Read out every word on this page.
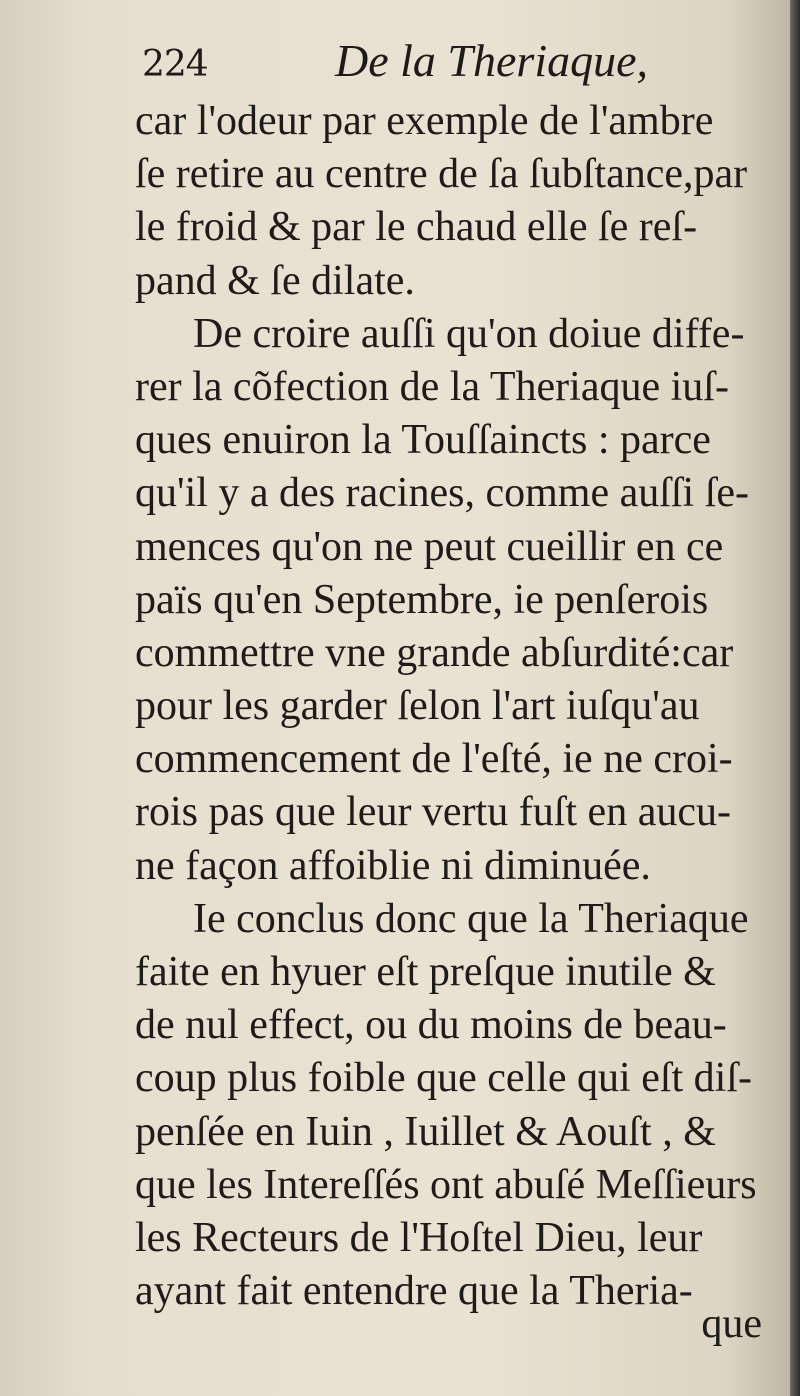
224	De la Theriaque,
car l'odeur par exemple de l'ambre
ſe retire au centre de ſa ſubſtance,par
le froid & par le chaud elle ſe reſ-
pand & ſe dilate.
De croire auſſi qu'on doiue diffe-
rer la cõfection de la Theriaque iuſ-
ques enuiron la Touſſaincts : parce
qu'il y a des racines, comme auſſi ſe-
mences qu'on ne peut cueillir en ce
païs qu'en Septembre, ie penſerois
commettre vne grande abſurdité:car
pour les garder ſelon l'art iuſqu'au
commencement de l'eſté, ie ne croi-
rois pas que leur vertu fuſt en aucu-
ne façon affoiblie ni diminuée.
Ie conclus donc que la Theriaque
faite en hyuer eſt preſque inutile &
de nul effect, ou du moins de beau-
coup plus foible que celle qui eſt diſ-
penſée en Iuin , Iuillet & Aouſt , &
que les Intereſſés ont abuſé Meſſieurs
les Recteurs de l'Hoſtel Dieu, leur
ayant fait entendre que la Theria-
que
